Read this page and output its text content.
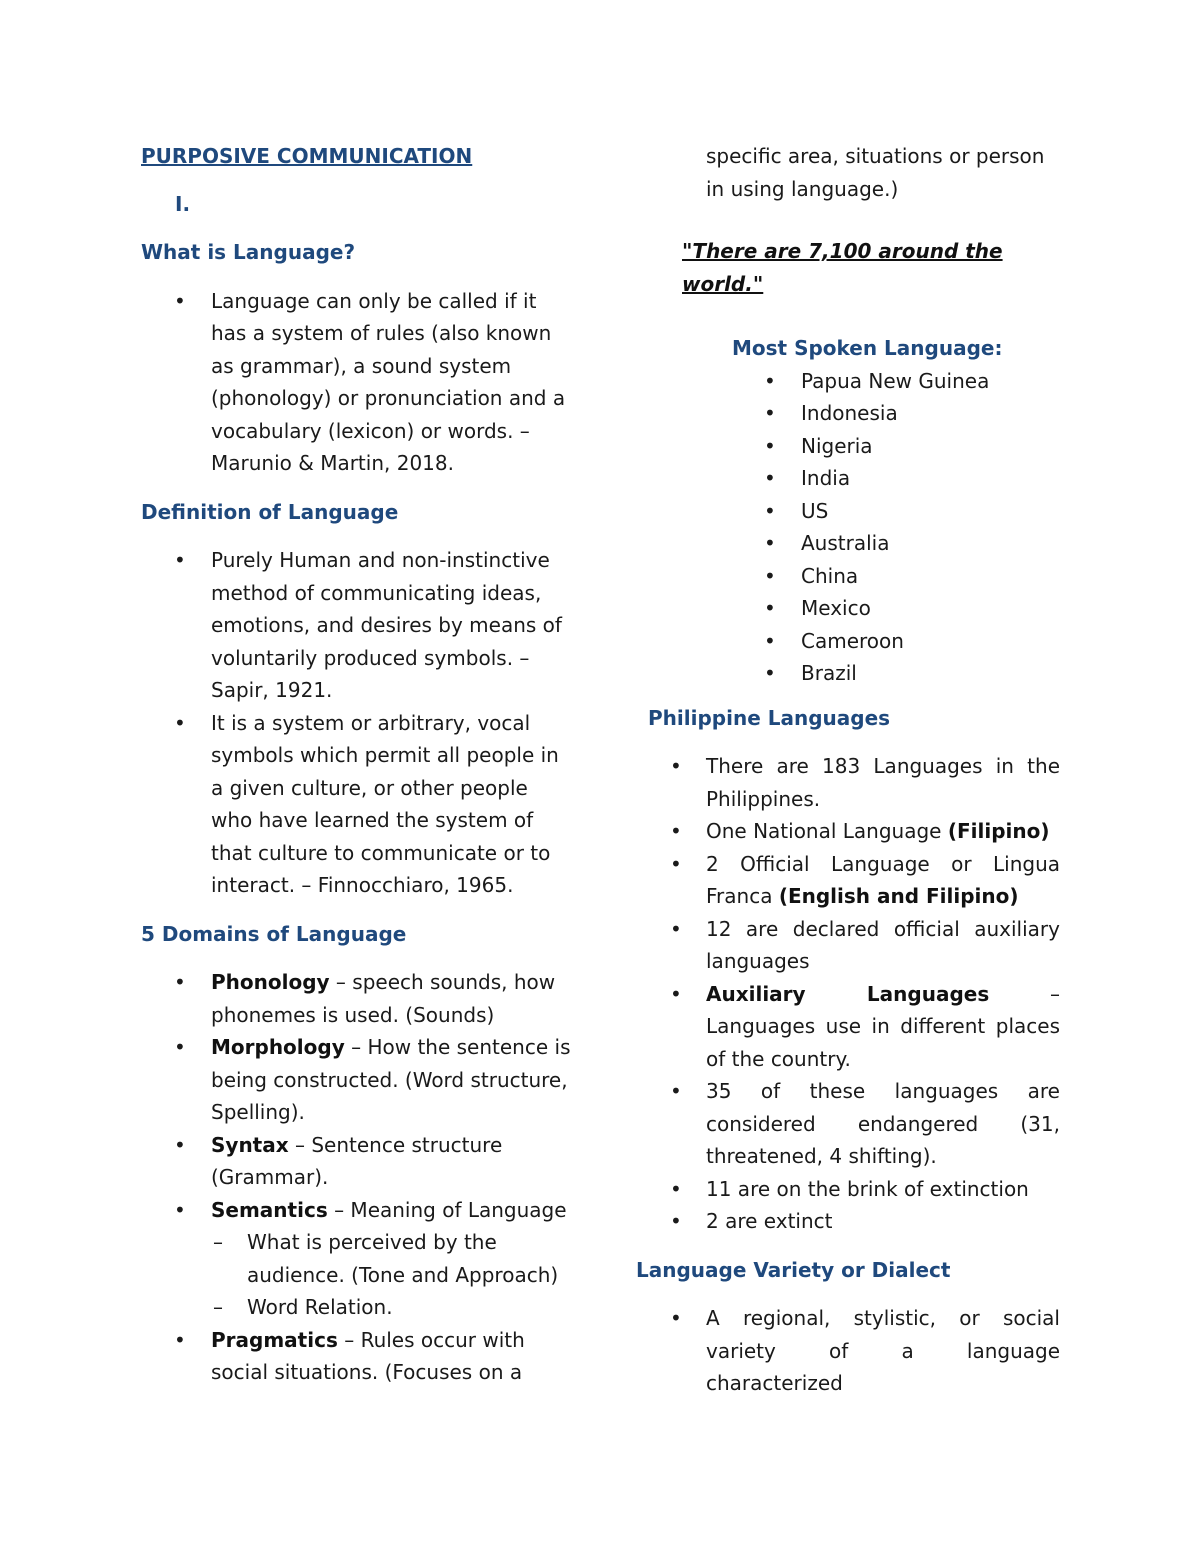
PURPOSIVE COMMUNICATION
I.
What is Language?
• Language can only be called if it has a system of rules (also known as grammar), a sound system (phonology) or pronunciation and a vocabulary (lexicon) or words. – Marunio & Martin, 2018.
Definition of Language
• Purely Human and non-instinctive method of communicating ideas, emotions, and desires by means of voluntarily produced symbols. – Sapir, 1921.
• It is a system or arbitrary, vocal symbols which permit all people in a given culture, or other people who have learned the system of that culture to communicate or to interact. – Finnocchiaro, 1965.
5 Domains of Language
• Phonology – speech sounds, how phonemes is used. (Sounds)
• Morphology – How the sentence is being constructed. (Word structure, Spelling).
• Syntax – Sentence structure (Grammar).
• Semantics – Meaning of Language
– What is perceived by the audience. (Tone and Approach)
– Word Relation.
• Pragmatics – Rules occur with social situations. (Focuses on a

specific area, situations or person in using language.)

"There are 7,100 around the world."

Most Spoken Language:
• Papua New Guinea
• Indonesia
• Nigeria
• India
• US
• Australia
• China
• Mexico
• Cameroon
• Brazil
Philippine Languages
• There are 183 Languages in the Philippines.
• One National Language (Filipino)
• 2 Official Language or Lingua Franca (English and Filipino)
• 12 are declared official auxiliary languages
• Auxiliary Languages – Languages use in different places of the country.
• 35 of these languages are considered endangered (31, threatened, 4 shifting).
• 11 are on the brink of extinction
• 2 are extinct
Language Variety or Dialect
• A regional, stylistic, or social variety of a language characterized
